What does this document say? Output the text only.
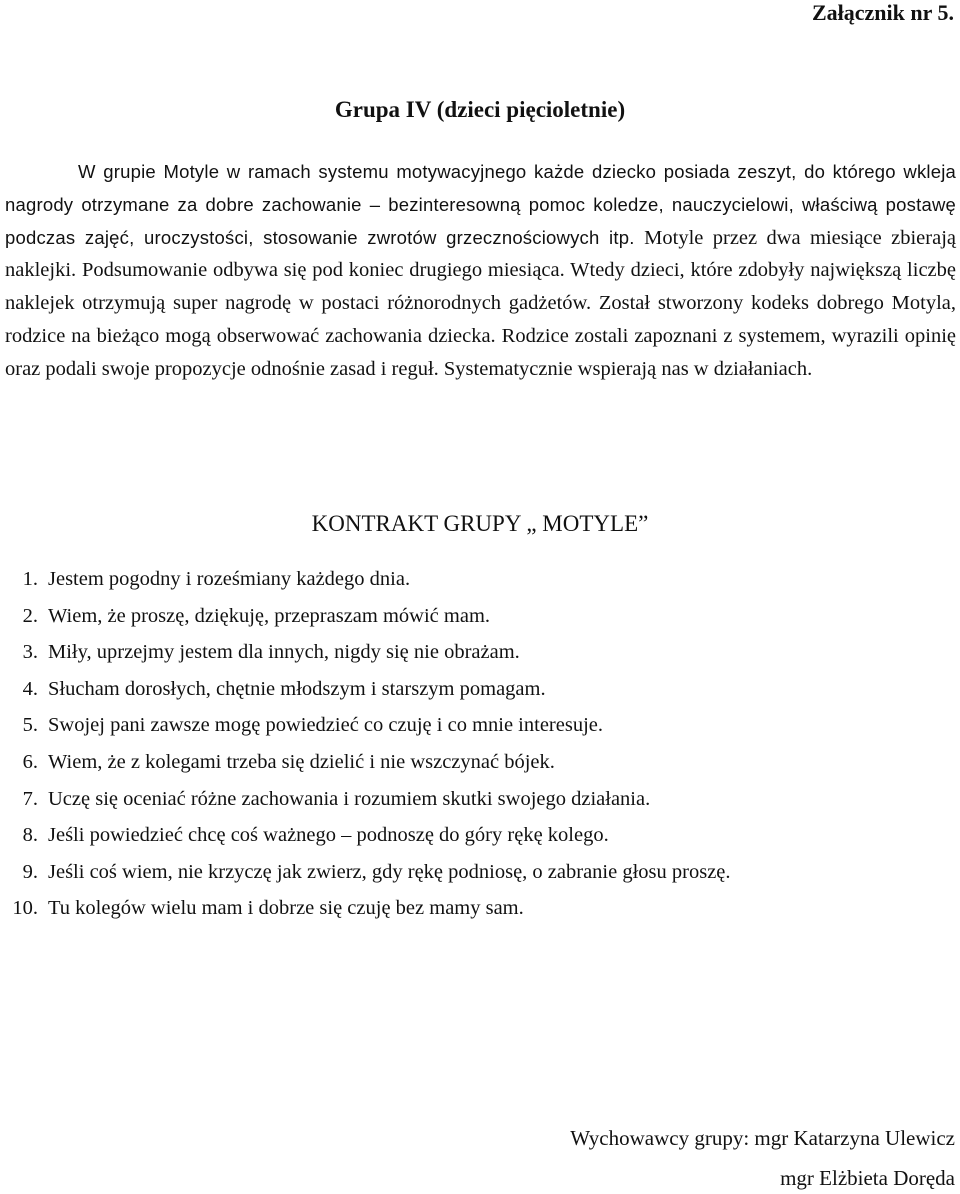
Załącznik nr 5.
Grupa IV (dzieci pięcioletnie)

W grupie Motyle w ramach systemu motywacyjnego każde dziecko posiada zeszyt, do którego wkleja nagrody otrzymane za dobre zachowanie – bezinteresowną pomoc koledze, nauczycielowi, właściwą postawę podczas zajęć, uroczystości, stosowanie zwrotów grzecznościowych itp. Motyle przez dwa miesiące zbierają naklejki. Podsumowanie odbywa się pod koniec drugiego miesiąca. Wtedy dzieci, które zdobyły największą liczbę naklejek otrzymują super nagrodę w postaci różnorodnych gadżetów. Został stworzony kodeks dobrego Motyla, rodzice na bieżąco mogą obserwować zachowania dziecka. Rodzice zostali zapoznani z systemem, wyrazili opinię oraz podali swoje propozycje odnośnie zasad i reguł. Systematycznie wspierają nas w działaniach.

KONTRAKT GRUPY „ MOTYLE”
1. Jestem pogodny i roześmiany każdego dnia.
2. Wiem, że proszę, dziękuję, przepraszam mówić mam.
3. Miły, uprzejmy jestem dla innych, nigdy się nie obrażam.
4. Słucham dorosłych, chętnie młodszym i starszym pomagam.
5. Swojej pani zawsze mogę powiedzieć co czuję i co mnie interesuje.
6. Wiem, że z kolegami trzeba się dzielić i nie wszczynać bójek.
7. Uczę się oceniać różne zachowania i rozumiem skutki swojego działania.
8. Jeśli powiedzieć chcę coś ważnego – podnoszę do góry rękę kolego.
9. Jeśli coś wiem, nie krzyczę jak zwierz, gdy rękę podniosę, o zabranie głosu proszę.
10. Tu kolegów wielu mam i dobrze się czuję bez mamy sam.
Wychowawcy grupy: mgr Katarzyna Ulewicz
mgr Elżbieta Doręda
